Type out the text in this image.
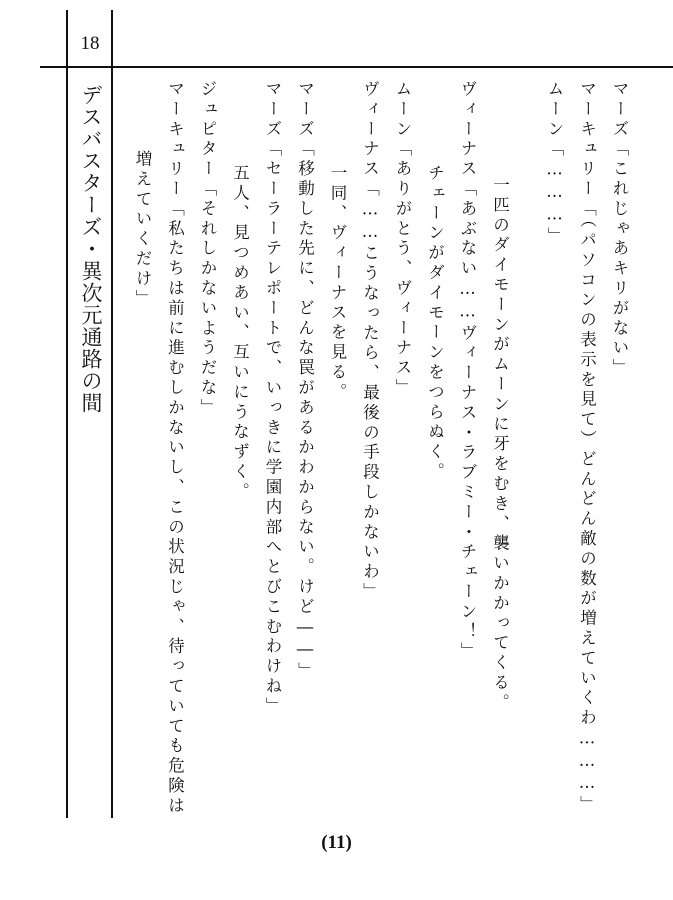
18
デスバスターズ・異次元通路の間	マーズ「これじゃあキリがない」
マーキュリー「（パソコンの表示を見て）どんどん敵の数が増えていくわ………」
ムーン「………」
一匹のダイモーンがムーンに牙をむき、襲いかかってくる。
ヴィーナス「あぶない……ヴィーナス・ラブミー・チェーン！」
チェーンがダイモーンをつらぬく。
ムーン「ありがとう、ヴィーナス」
ヴィーナス「……こうなったら、最後の手段しかないわ」
一同、ヴィーナスを見る。
マーズ「移動した先に、どんな罠があるかわからない。けど――」
マーズ「セーラーテレポートで、いっきに学園内部へとびこむわけね」
五人、見つめあい、互いにうなずく。
ジュピター「それしかないようだな」
マーキュリー「私たちは前に進むしかないし、この状況じゃ、待っていても危険は
増えていくだけ」
(11)
